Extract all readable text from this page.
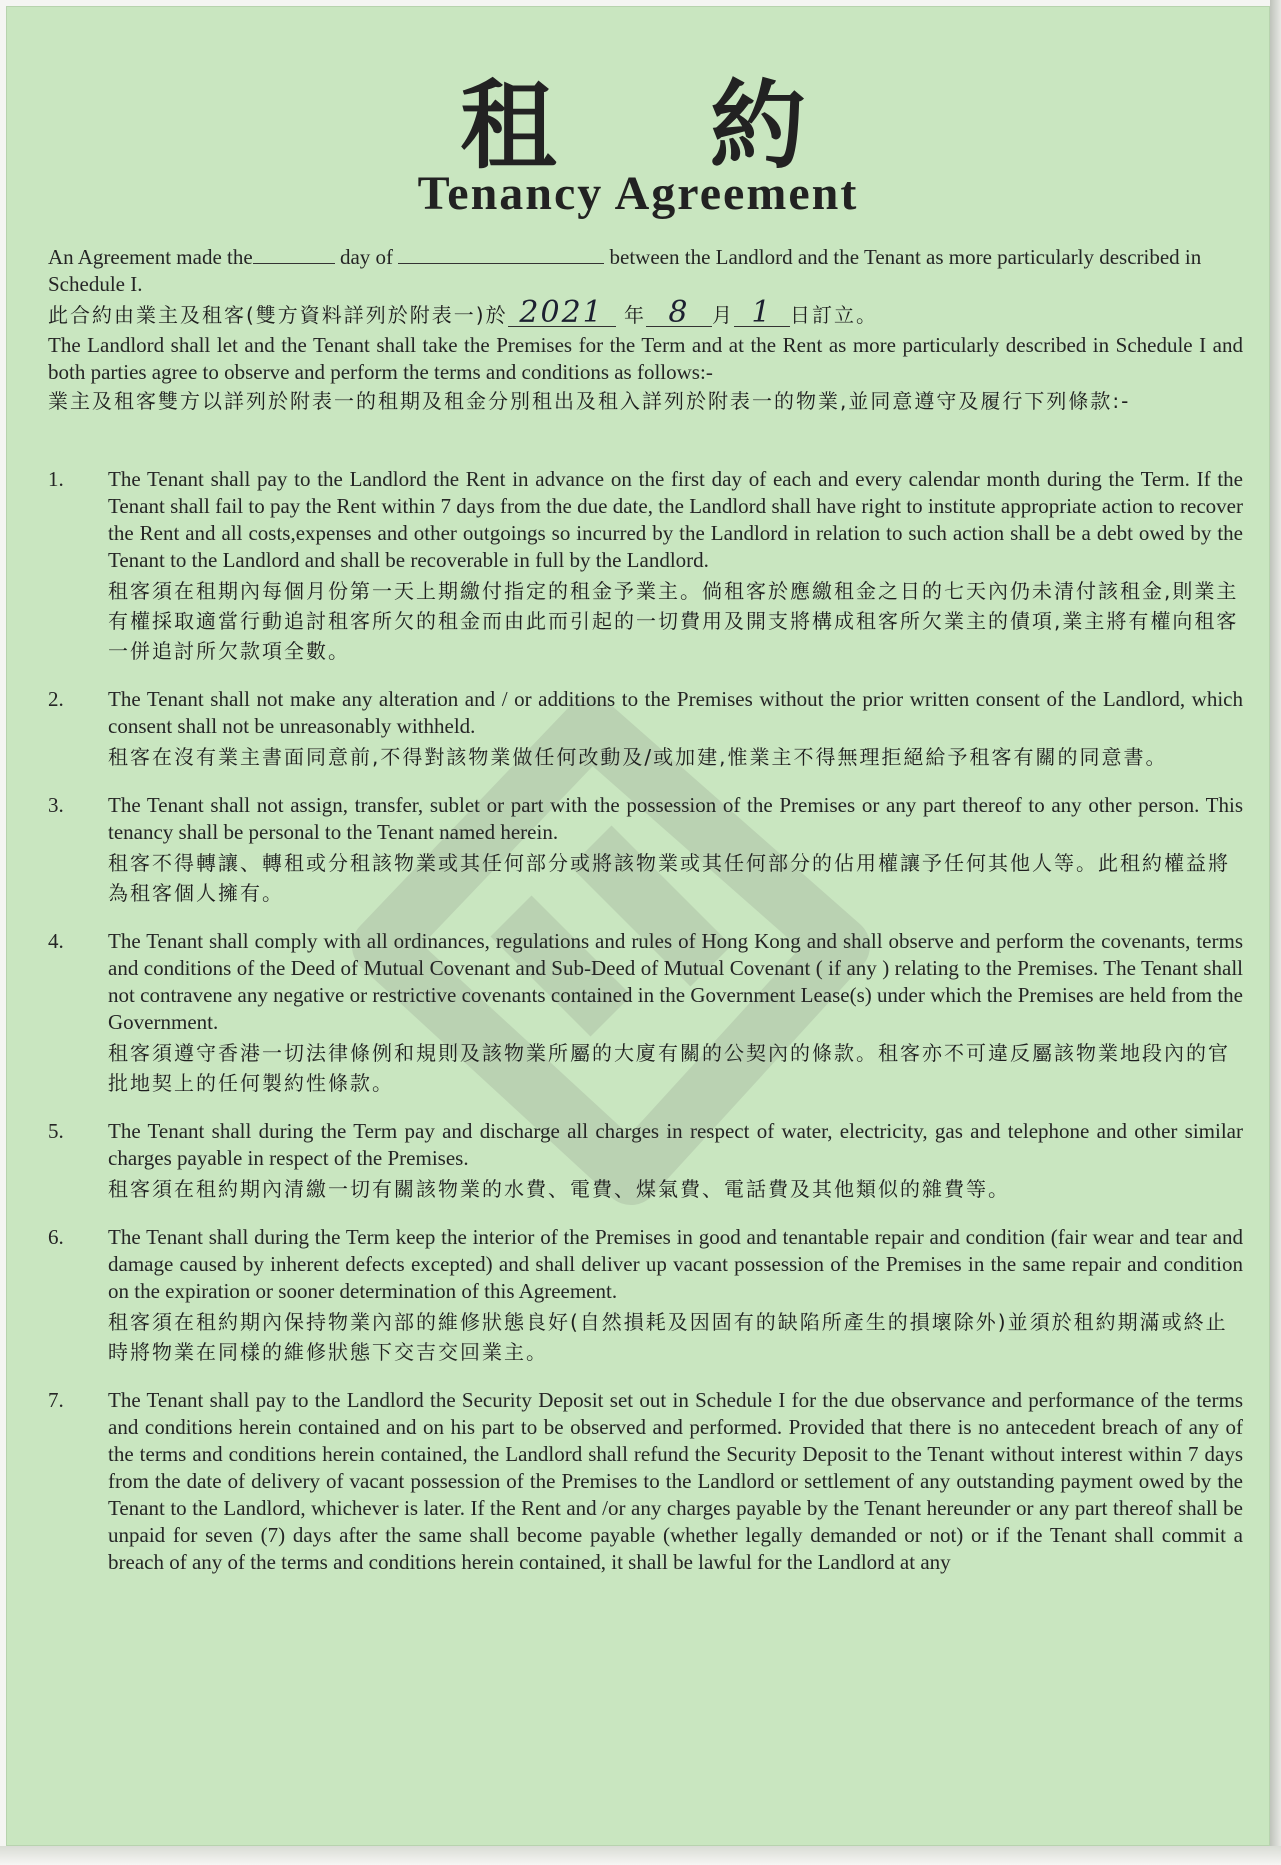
租 約
Tenancy Agreement
An Agreement made the	day of	between the Landlord and the Tenant as more particularly described in Schedule I.
此合約由業主及租客(雙方資料詳列於附表一)於 2021 年 8 月 1 日訂立。
The Landlord shall let and the Tenant shall take the Premises for the Term and at the Rent as more particularly described in Schedule I and both parties agree to observe and perform the terms and conditions as follows:-
業主及租客雙方以詳列於附表一的租期及租金分別租出及租入詳列於附表一的物業,並同意遵守及履行下列條款:-
1.	The Tenant shall pay to the Landlord the Rent in advance on the first day of each and every calendar month during the Term. If the Tenant shall fail to pay the Rent within 7 days from the due date, the Landlord shall have right to institute appropriate action to recover the Rent and all costs,expenses and other outgoings so incurred by the Landlord in relation to such action shall be a debt owed by the Tenant to the Landlord and shall be recoverable in full by the Landlord.
租客須在租期內每個月份第一天上期繳付指定的租金予業主。倘租客於應繳租金之日的七天內仍未清付該租金,則業主有權採取適當行動追討租客所欠的租金而由此而引起的一切費用及開支將構成租客所欠業主的債項,業主將有權向租客一併追討所欠款項全數。
2.	The Tenant shall not make any alteration and / or additions to the Premises without the prior written consent of the Landlord, which consent shall not be unreasonably withheld.
租客在沒有業主書面同意前,不得對該物業做任何改動及/或加建,惟業主不得無理拒絕給予租客有關的同意書。
3.	The Tenant shall not assign, transfer, sublet or part with the possession of the Premises or any part thereof to any other person. This tenancy shall be personal to the Tenant named herein.
租客不得轉讓、轉租或分租該物業或其任何部分或將該物業或其任何部分的佔用權讓予任何其他人等。此租約權益將為租客個人擁有。
4.	The Tenant shall comply with all ordinances, regulations and rules of Hong Kong and shall observe and perform the covenants, terms and conditions of the Deed of Mutual Covenant and Sub-Deed of Mutual Covenant ( if any ) relating to the Premises. The Tenant shall not contravene any negative or restrictive covenants contained in the Government Lease(s) under which the Premises are held from the Government.
租客須遵守香港一切法律條例和規則及該物業所屬的大廈有關的公契內的條款。租客亦不可違反屬該物業地段內的官批地契上的任何製約性條款。
5.	The Tenant shall during the Term pay and discharge all charges in respect of water, electricity, gas and telephone and other similar charges payable in respect of the Premises.
租客須在租約期內清繳一切有關該物業的水費、電費、煤氣費、電話費及其他類似的雜費等。
6.	The Tenant shall during the Term keep the interior of the Premises in good and tenantable repair and condition (fair wear and tear and damage caused by inherent defects excepted) and shall deliver up vacant possession of the Premises in the same repair and condition on the expiration or sooner determination of this Agreement.
租客須在租約期內保持物業內部的維修狀態良好(自然損耗及因固有的缺陷所產生的損壞除外)並須於租約期滿或終止時將物業在同樣的維修狀態下交吉交回業主。
7.	The Tenant shall pay to the Landlord the Security Deposit set out in Schedule I for the due observance and performance of the terms and conditions herein contained and on his part to be observed and performed. Provided that there is no antecedent breach of any of the terms and conditions herein contained, the Landlord shall refund the Security Deposit to the Tenant without interest within 7 days from the date of delivery of vacant possession of the Premises to the Landlord or settlement of any outstanding payment owed by the Tenant to the Landlord, whichever is later. If the Rent and /or any charges payable by the Tenant hereunder or any part thereof shall be unpaid for seven (7) days after the same shall become payable (whether legally demanded or not) or if the Tenant shall commit a breach of any of the terms and conditions herein contained, it shall be lawful for the Landlord at any
